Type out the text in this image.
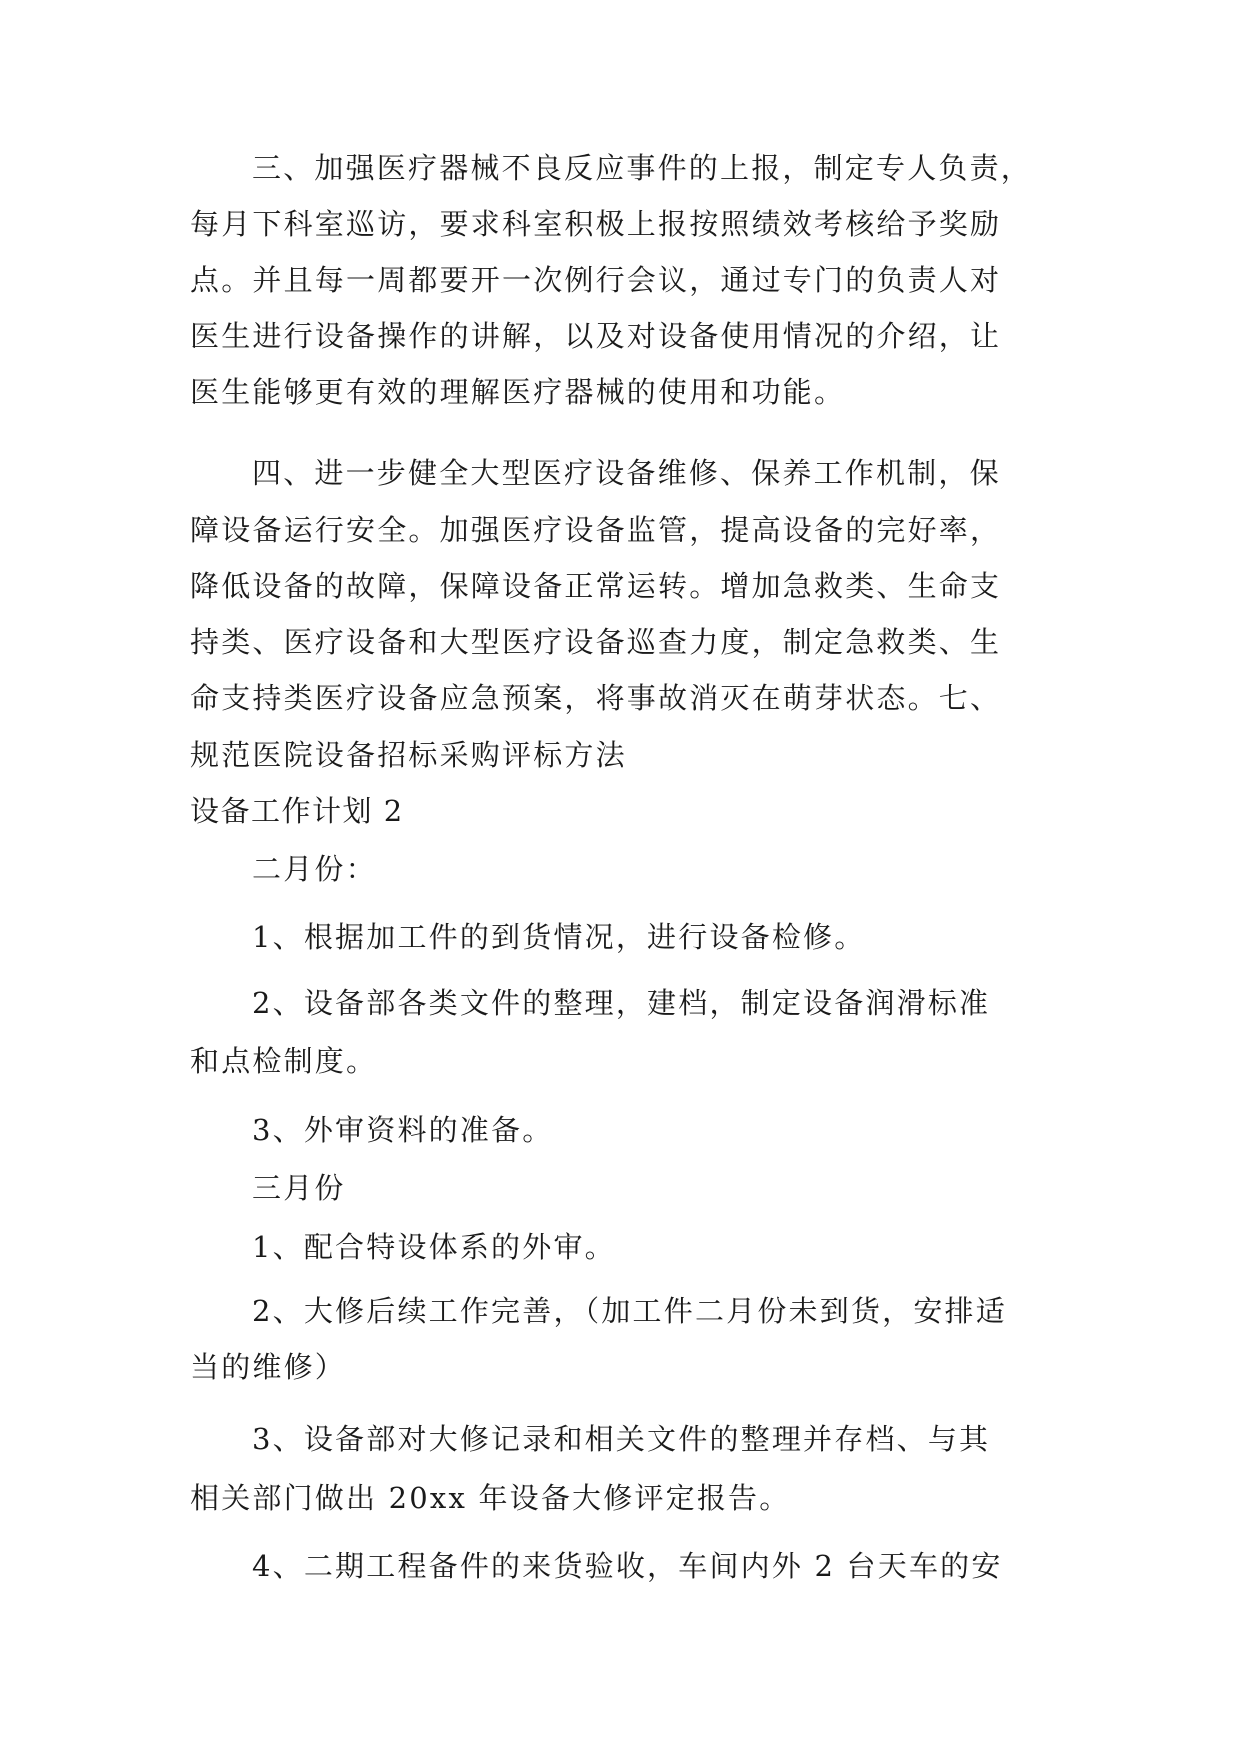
三、加强医疗器械不良反应事件的上报，制定专人负责，
每月下科室巡访，要求科室积极上报按照绩效考核给予奖励
点。并且每一周都要开一次例行会议，通过专门的负责人对
医生进行设备操作的讲解，以及对设备使用情况的介绍，让
医生能够更有效的理解医疗器械的使用和功能。
四、进一步健全大型医疗设备维修、保养工作机制，保
障设备运行安全。加强医疗设备监管，提高设备的完好率，
降低设备的故障，保障设备正常运转。增加急救类、生命支
持类、医疗设备和大型医疗设备巡查力度，制定急救类、生
命支持类医疗设备应急预案，将事故消灭在萌芽状态。七、
规范医院设备招标采购评标方法
设备工作计划 2
二月份：
1、根据加工件的到货情况，进行设备检修。
2、设备部各类文件的整理，建档，制定设备润滑标准
和点检制度。
3、外审资料的准备。
三月份
1、配合特设体系的外审。
2、大修后续工作完善，（加工件二月份未到货，安排适
当的维修）
3、设备部对大修记录和相关文件的整理并存档、与其
相关部门做出 20xx 年设备大修评定报告。
4、二期工程备件的来货验收，车间内外 2 台天车的安
